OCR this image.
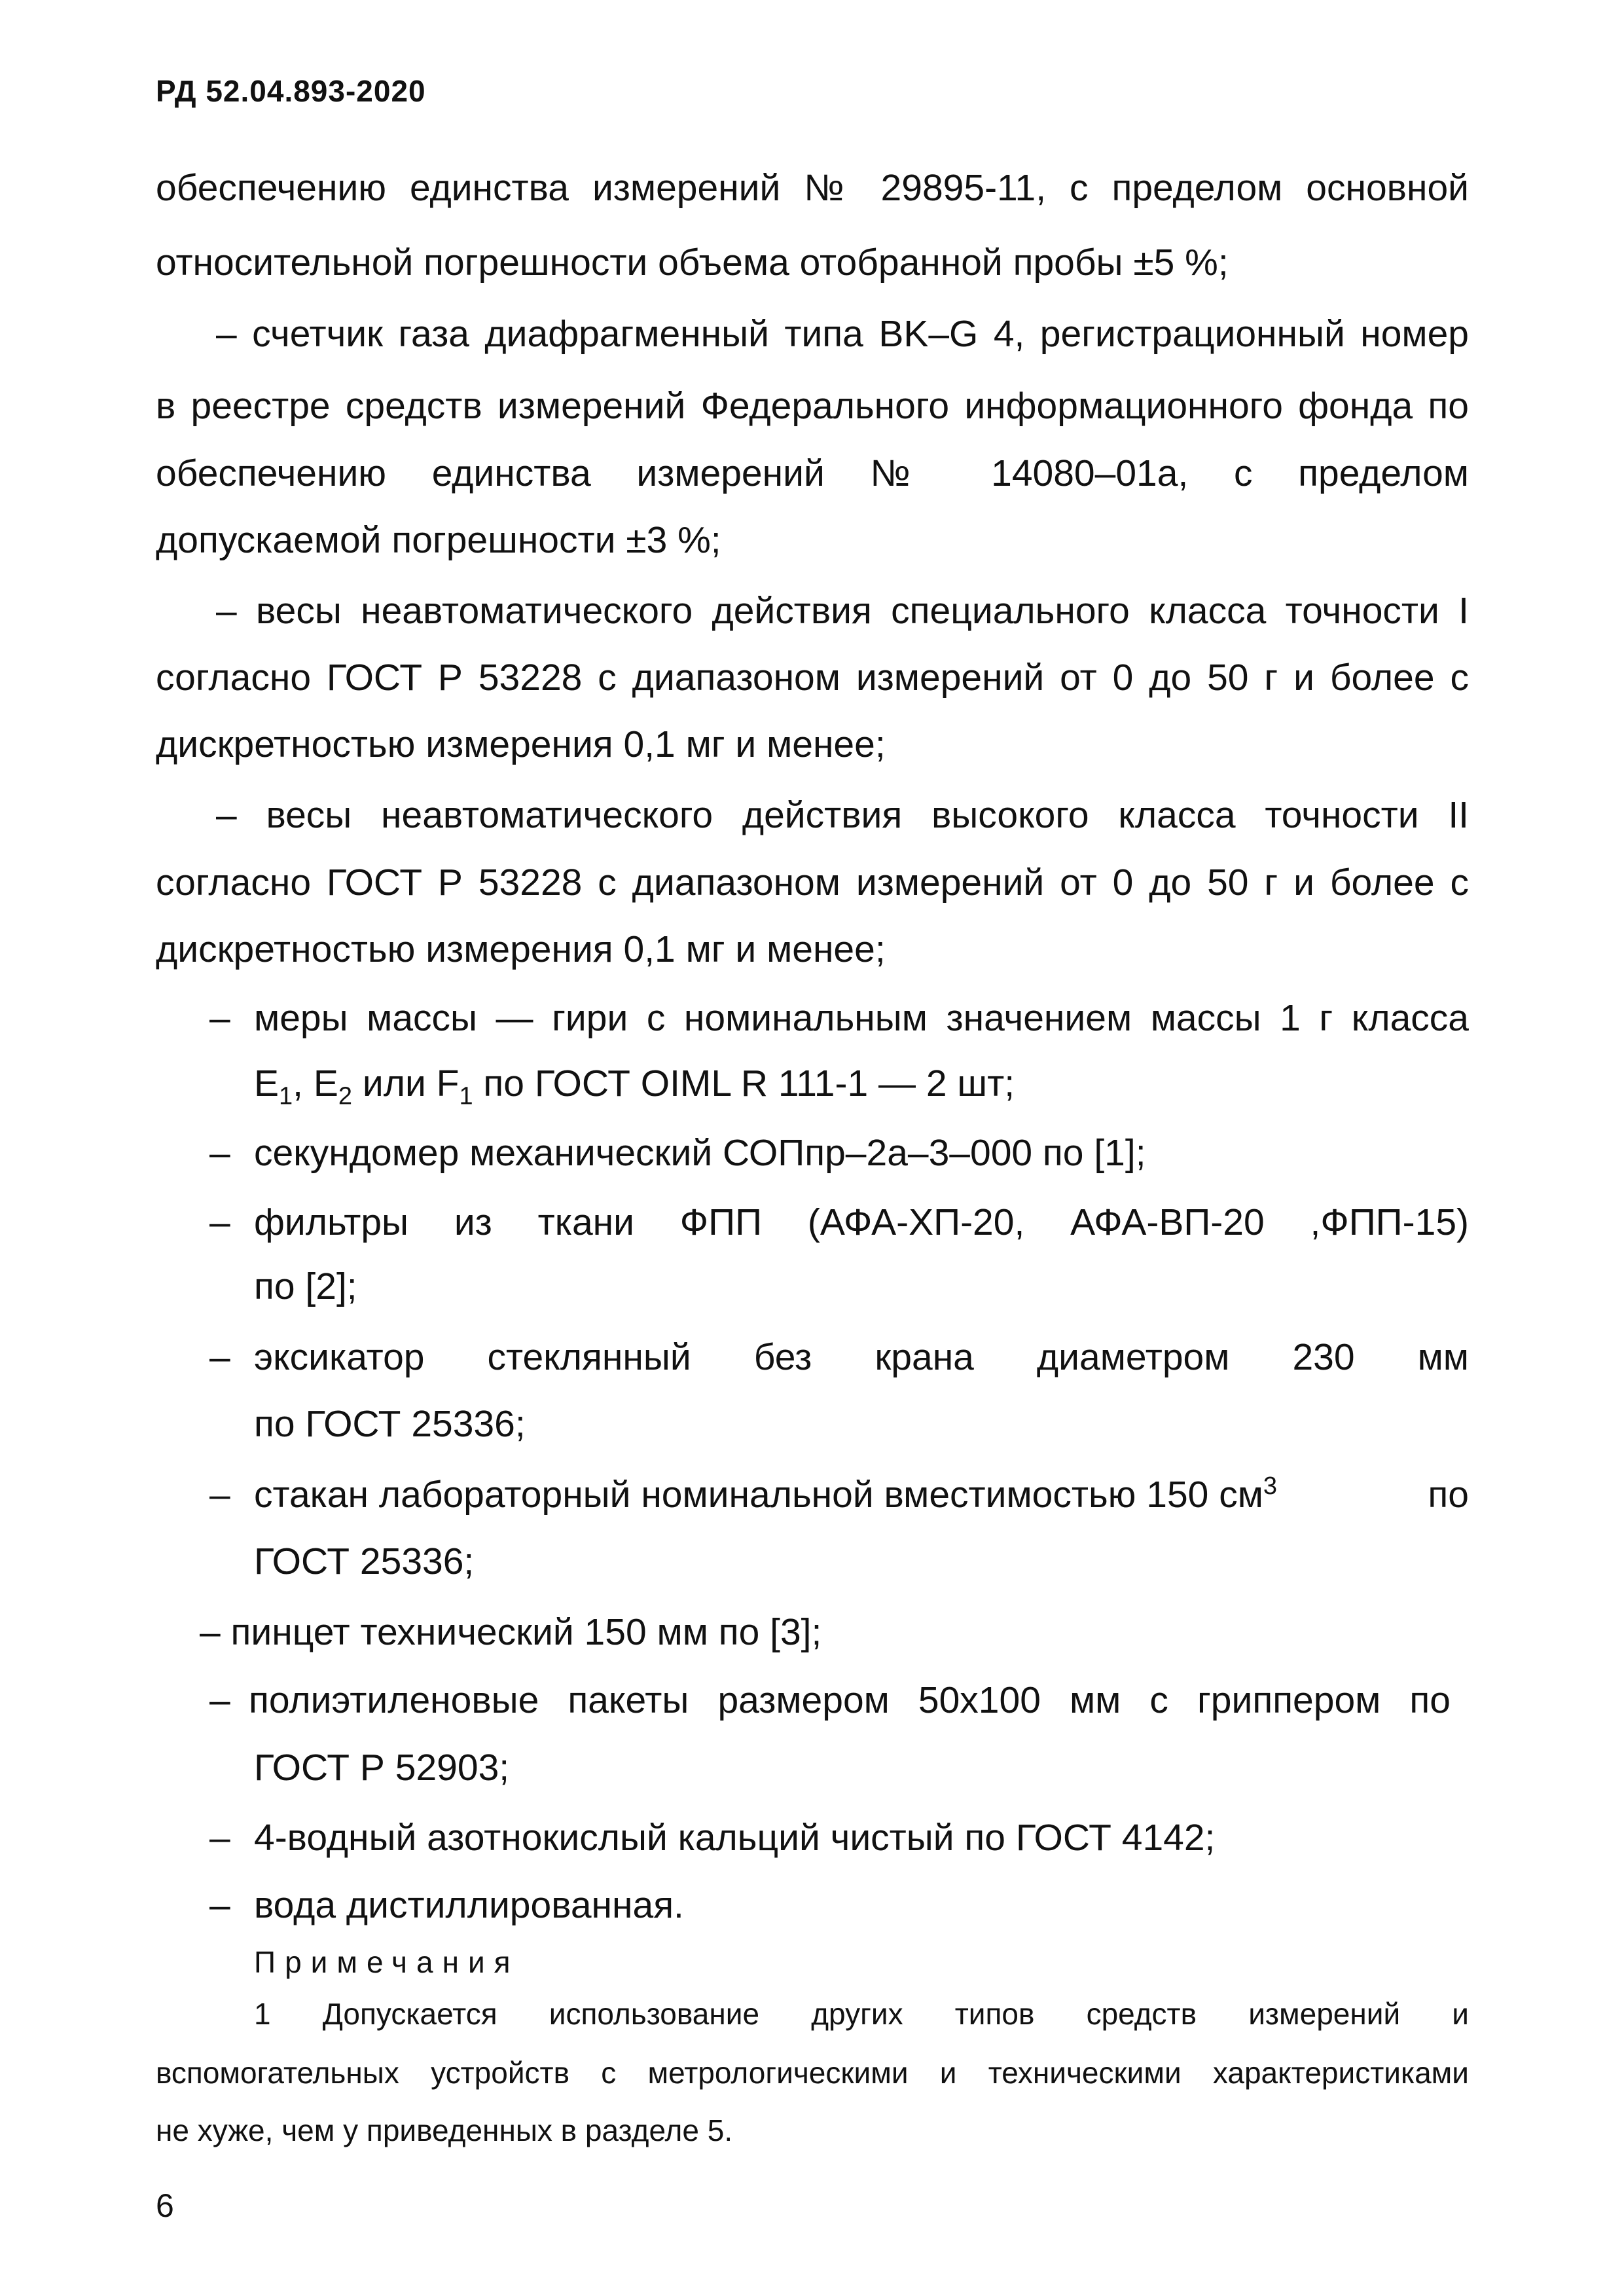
РД 52.04.893-2020
обеспечению единства измерений № 29895-11, с пределом основной
относительной погрешности объема отобранной пробы ±5 %;
– счетчик газа диафрагменный типа BK–G 4, регистрационный номер
в реестре средств измерений Федерального информационного фонда по
обеспечению единства измерений № 14080–01а, с пределом
допускаемой погрешности ±3 %;
– весы неавтоматического действия специального класса точности I
согласно ГОСТ Р 53228 с диапазоном измерений от 0 до 50 г и более с
дискретностью измерения 0,1 мг и менее;
– весы неавтоматического действия высокого класса точности II
согласно ГОСТ Р 53228 с диапазоном измерений от 0 до 50 г и более с
дискретностью измерения 0,1 мг и менее;
– меры массы — гири с номинальным значением массы 1 г класса
$E_1$, $E_2$ или $F_1$ по ГОСТ OIML R 111-1 — 2 шт;
– секундомер механический СОПпр–2а–3–000 по [1];
– фильтры из ткани ФПП (АФА-ХП-20, АФА-ВП-20 ,ФПП-15)
по [2];
– эксикатор стеклянный без крана диаметром 230 мм
по ГОСТ 25336;
– стакан лабораторный номинальной вместимостью 150 $см^3$	по
ГОСТ 25336;
– пинцет технический 150 мм по [3];
– полиэтиленовые пакеты размером 50х100 мм с гриппером по
ГОСТ Р 52903;
– 4-водный азотнокислый кальций чистый по ГОСТ 4142;
– вода дистиллированная.
Примечания
1 Допускается использование других типов средств измерений и
вспомогательных устройств с метрологическими и техническими характеристиками
не хуже, чем у приведенных в разделе 5.
6
